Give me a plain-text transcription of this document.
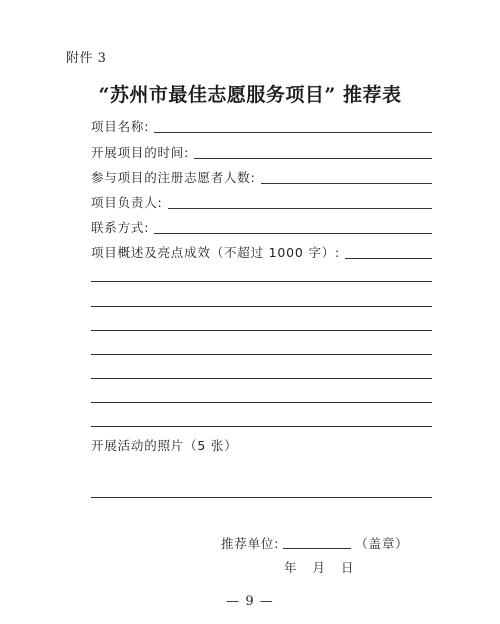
附件 3
“苏州市最佳志愿服务项目” 推荐表
项目名称:
开展项目的时间:
参与项目的注册志愿者人数:
项目负责人:
联系方式:
项目概述及亮点成效（不超过 1000 字）:
开展活动的照片（5 张）
推荐单位:	（盖章）
年 月 日
— 9 —
